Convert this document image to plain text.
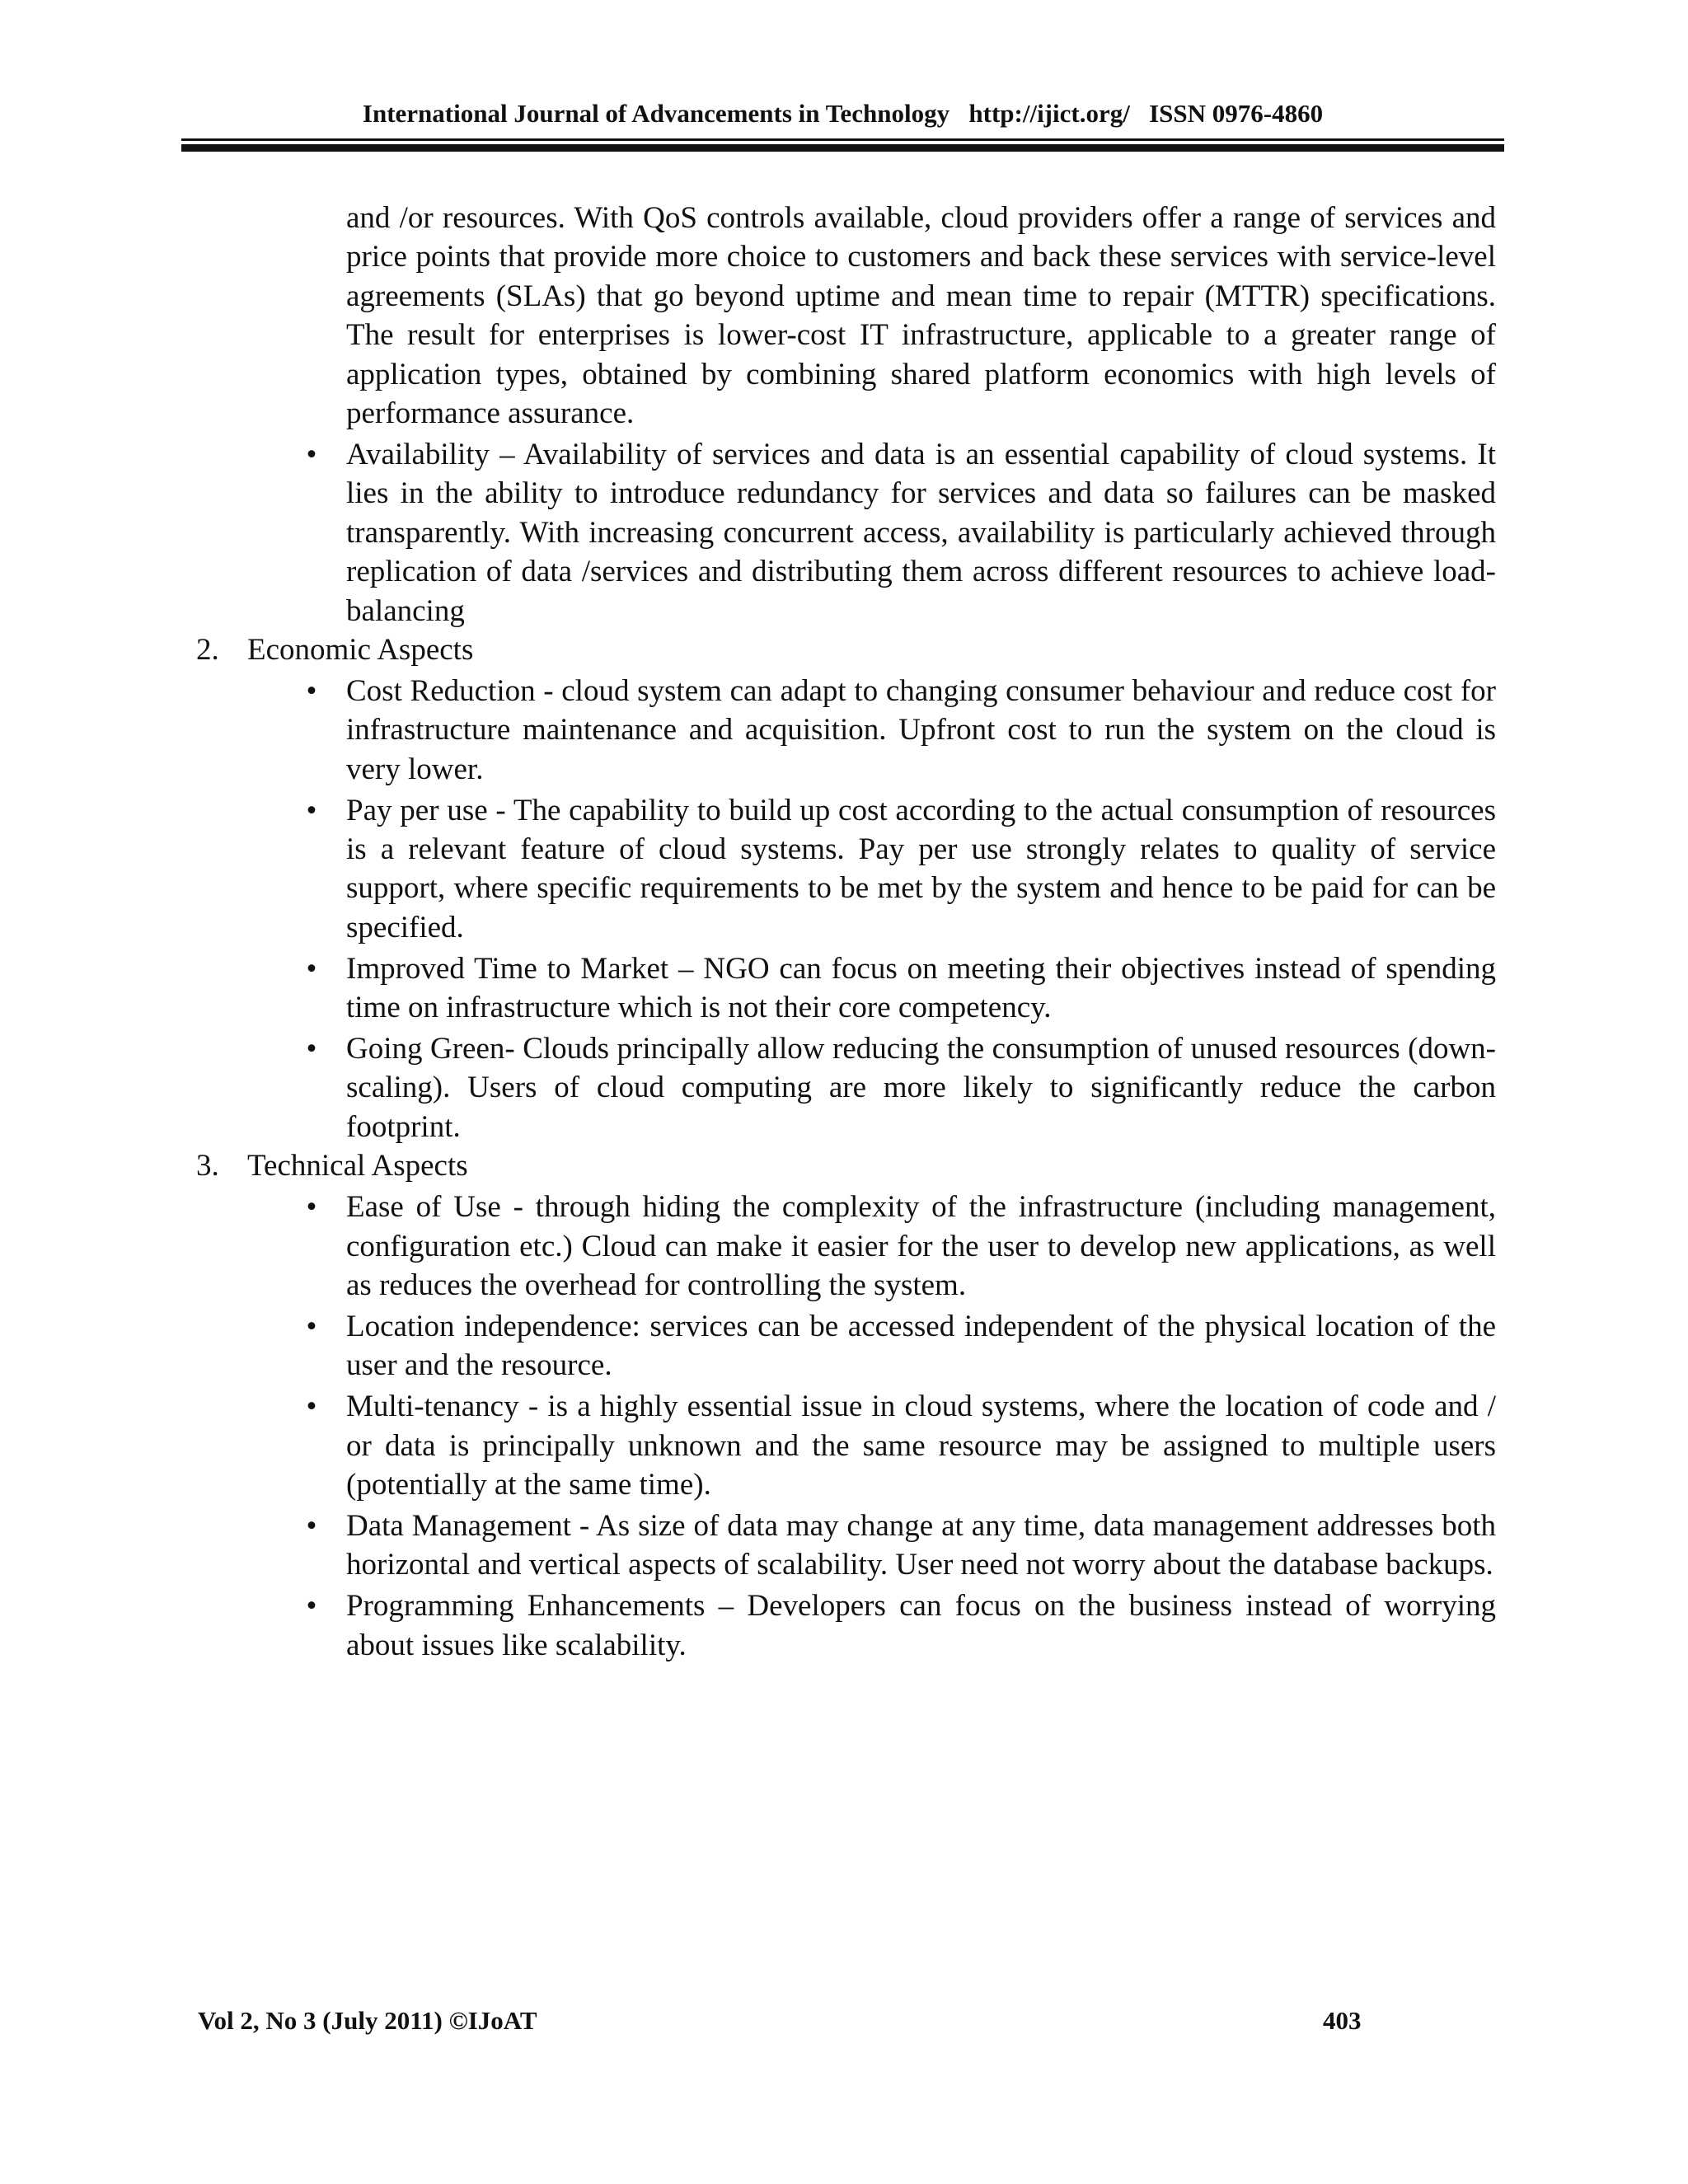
International Journal of Advancements in Technology http://ijict.org/ ISSN 0976-4860

and /or resources. With QoS controls available, cloud providers offer a range of services and price points that provide more choice to customers and back these services with service-level agreements (SLAs) that go beyond uptime and mean time to repair (MTTR) specifications. The result for enterprises is lower-cost IT infrastructure, applicable to a greater range of application types, obtained by combining shared platform economics with high levels of performance assurance.

• Availability – Availability of services and data is an essential capability of cloud systems. It lies in the ability to introduce redundancy for services and data so failures can be masked transparently. With increasing concurrent access, availability is particularly achieved through replication of data /services and distributing them across different resources to achieve load-balancing
2. Economic Aspects
• Cost Reduction - cloud system can adapt to changing consumer behaviour and reduce cost for infrastructure maintenance and acquisition. Upfront cost to run the system on the cloud is very lower.
• Pay per use - The capability to build up cost according to the actual consumption of resources is a relevant feature of cloud systems. Pay per use strongly relates to quality of service support, where specific requirements to be met by the system and hence to be paid for can be specified.
• Improved Time to Market – NGO can focus on meeting their objectives instead of spending time on infrastructure which is not their core competency.
• Going Green- Clouds principally allow reducing the consumption of unused resources (down-scaling). Users of cloud computing are more likely to significantly reduce the carbon footprint.
3. Technical Aspects
• Ease of Use - through hiding the complexity of the infrastructure (including management, configuration etc.) Cloud can make it easier for the user to develop new applications, as well as reduces the overhead for controlling the system.
• Location independence: services can be accessed independent of the physical location of the user and the resource.
• Multi-tenancy - is a highly essential issue in cloud systems, where the location of code and / or data is principally unknown and the same resource may be assigned to multiple users (potentially at the same time).
• Data Management - As size of data may change at any time, data management addresses both horizontal and vertical aspects of scalability. User need not worry about the database backups.
• Programming Enhancements – Developers can focus on the business instead of worrying about issues like scalability.
Vol 2, No 3 (July 2011) ©IJoAT	403
